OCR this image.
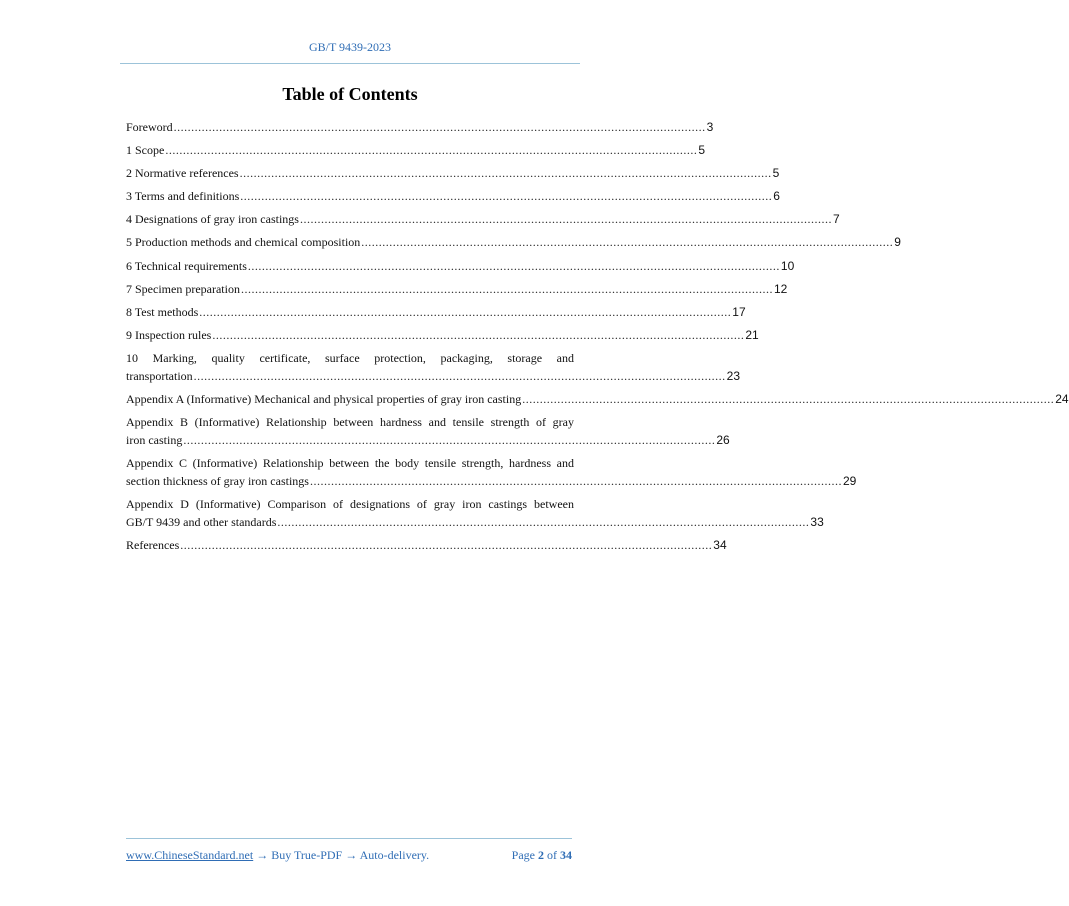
GB/T 9439-2023
Table of Contents
Foreword ........................................................................................................................................................ 3
1 Scope ........................................................................................................................................................ 5
2 Normative references ........................................................................................................................................................ 5
3 Terms and definitions ........................................................................................................................................................ 6
4 Designations of gray iron castings ........................................................................................................................................................ 7
5 Production methods and chemical composition ........................................................................................................................................................ 9
6 Technical requirements ........................................................................................................................................................ 10
7 Specimen preparation ........................................................................................................................................................ 12
8 Test methods ........................................................................................................................................................ 17
9 Inspection rules ........................................................................................................................................................ 21
10 Marking, quality certificate, surface protection, packaging, storage and
transportation ........................................................................................................................................................ 23
Appendix A (Informative) Mechanical and physical properties of gray iron casting ........................................................................................................................................................ 24
Appendix B (Informative) Relationship between hardness and tensile strength of gray
iron casting ........................................................................................................................................................ 26
Appendix C (Informative) Relationship between the body tensile strength, hardness and
section thickness of gray iron castings ........................................................................................................................................................ 29
Appendix D (Informative) Comparison of designations of gray iron castings between
GB/T 9439 and other standards ........................................................................................................................................................ 33
References ........................................................................................................................................................ 34
www.ChineseStandard.net → Buy True-PDF → Auto-delivery.	Page 2 of 34
